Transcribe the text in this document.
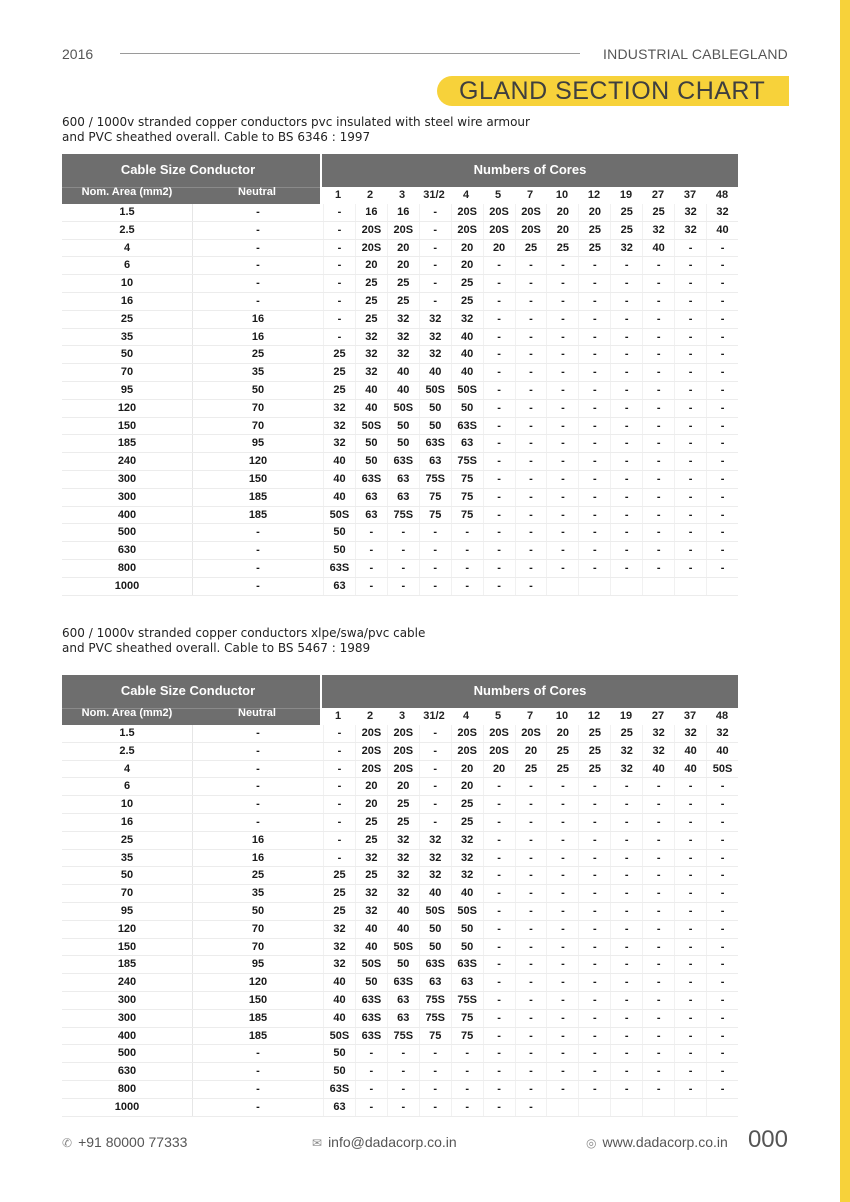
2016	INDUSTRIAL CABLEGLAND
GLAND SECTION CHART
600 / 1000v stranded copper conductors pvc insulated with steel wire armour
and PVC sheathed overall. Cable to BS 6346 : 1997
Cable Size Conductor	Numbers of Cores
Nom. Area (mm2)	Neutral	1	2	3	31/2	4	5	7	10	12	19	27	37	48
1.5	-	-	16	16	-	20S	20S	20S	20	20	25	25	32	32
2.5	-	-	20S	20S	-	20S	20S	20S	20	25	25	32	32	40
4	-	-	20S	20	-	20	20	25	25	25	32	40	-	-
6	-	-	20	20	-	20	-	-	-	-	-	-	-	-
10	-	-	25	25	-	25	-	-	-	-	-	-	-	-
16	-	-	25	25	-	25	-	-	-	-	-	-	-	-
25	16	-	25	32	32	32	-	-	-	-	-	-	-	-
35	16	-	32	32	32	40	-	-	-	-	-	-	-	-
50	25	25	32	32	32	40	-	-	-	-	-	-	-	-
70	35	25	32	40	40	40	-	-	-	-	-	-	-	-
95	50	25	40	40	50S	50S	-	-	-	-	-	-	-	-
120	70	32	40	50S	50	50	-	-	-	-	-	-	-	-
150	70	32	50S	50	50	63S	-	-	-	-	-	-	-	-
185	95	32	50	50	63S	63	-	-	-	-	-	-	-	-
240	120	40	50	63S	63	75S	-	-	-	-	-	-	-	-
300	150	40	63S	63	75S	75	-	-	-	-	-	-	-	-
300	185	40	63	63	75	75	-	-	-	-	-	-	-	-
400	185	50S	63	75S	75	75	-	-	-	-	-	-	-	-
500	-	50	-	-	-	-	-	-	-	-	-	-	-	-
630	-	50	-	-	-	-	-	-	-	-	-	-	-	-
800	-	63S	-	-	-	-	-	-	-	-	-	-	-	-
1000	-	63	-	-	-	-	-	-
600 / 1000v stranded copper conductors xlpe/swa/pvc cable
and PVC sheathed overall. Cable to BS 5467 : 1989
Cable Size Conductor	Numbers of Cores
Nom. Area (mm2)	Neutral	1	2	3	31/2	4	5	7	10	12	19	27	37	48
1.5	-	-	20S	20S	-	20S	20S	20S	20	25	25	32	32	32
2.5	-	-	20S	20S	-	20S	20S	20	25	25	32	32	40	40
4	-	-	20S	20S	-	20	20	25	25	25	32	40	40	50S
6	-	-	20	20	-	20	-	-	-	-	-	-	-	-
10	-	-	20	25	-	25	-	-	-	-	-	-	-	-
16	-	-	25	25	-	25	-	-	-	-	-	-	-	-
25	16	-	25	32	32	32	-	-	-	-	-	-	-	-
35	16	-	32	32	32	32	-	-	-	-	-	-	-	-
50	25	25	25	32	32	32	-	-	-	-	-	-	-	-
70	35	25	32	32	40	40	-	-	-	-	-	-	-	-
95	50	25	32	40	50S	50S	-	-	-	-	-	-	-	-
120	70	32	40	40	50	50	-	-	-	-	-	-	-	-
150	70	32	40	50S	50	50	-	-	-	-	-	-	-	-
185	95	32	50S	50	63S	63S	-	-	-	-	-	-	-	-
240	120	40	50	63S	63	63	-	-	-	-	-	-	-	-
300	150	40	63S	63	75S	75S	-	-	-	-	-	-	-	-
300	185	40	63S	63	75S	75	-	-	-	-	-	-	-	-
400	185	50S	63S	75S	75	75	-	-	-	-	-	-	-	-
500	-	50	-	-	-	-	-	-	-	-	-	-	-	-
630	-	50	-	-	-	-	-	-	-	-	-	-	-	-
800	-	63S	-	-	-	-	-	-	-	-	-	-	-	-
1000	-	63	-	-	-	-	-	-
✆ +91 80000 77333	✉ info@dadacorp.co.in	◎ www.dadacorp.co.in 000
